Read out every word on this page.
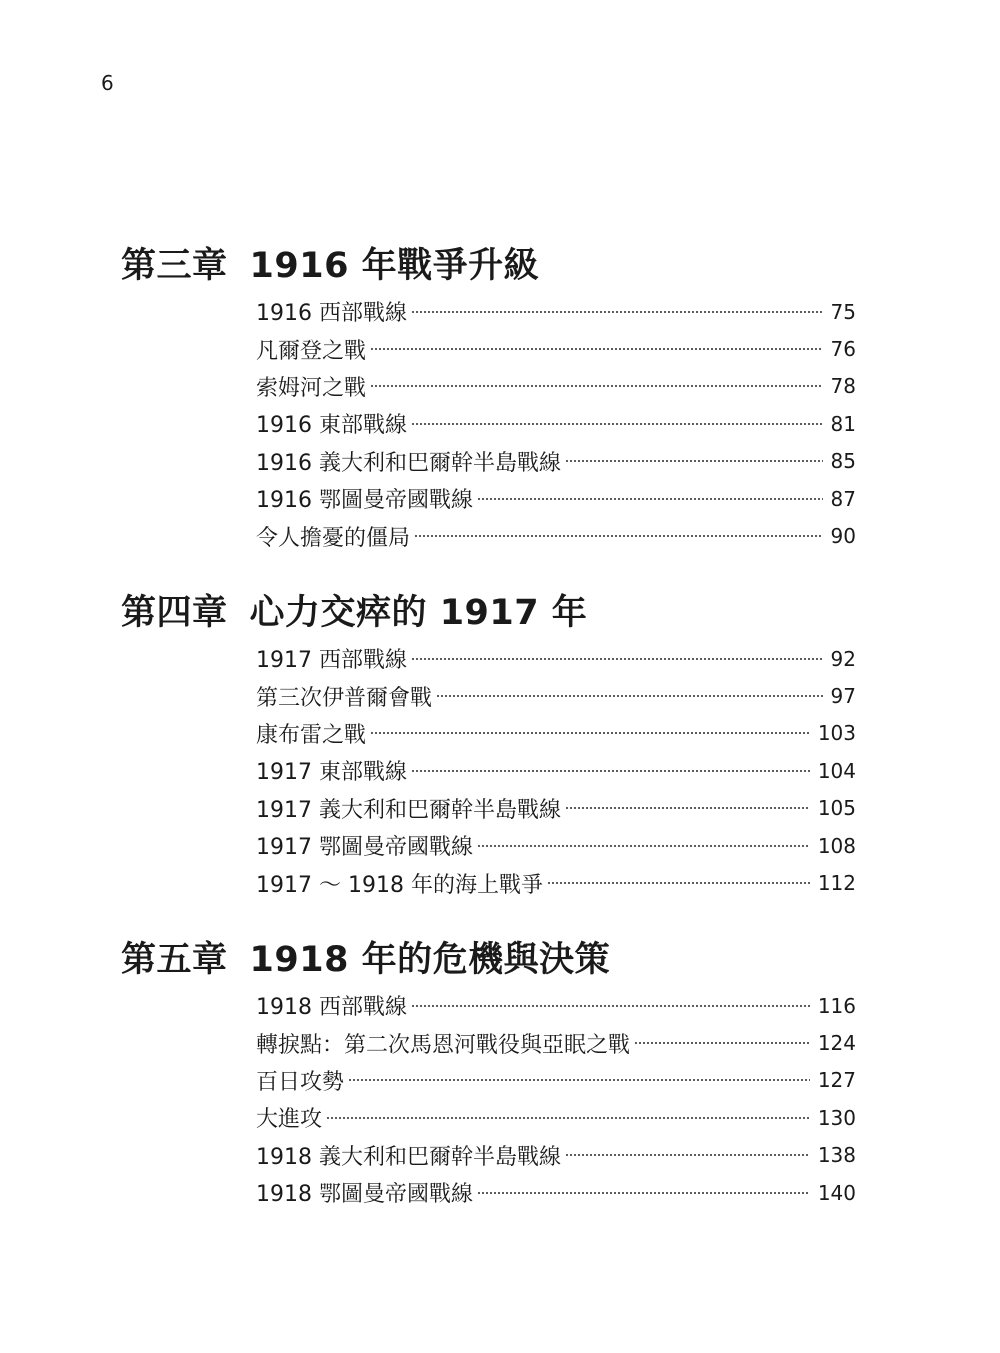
6
第三章 1916 年戰爭升級
1916 西部戰線	75
凡爾登之戰	76
索姆河之戰	78
1916 東部戰線	81
1916 義大利和巴爾幹半島戰線	85
1916 鄂圖曼帝國戰線	87
令人擔憂的僵局	90
第四章 心力交瘁的 1917 年
1917 西部戰線	92
第三次伊普爾會戰	97
康布雷之戰	103
1917 東部戰線	104
1917 義大利和巴爾幹半島戰線	105
1917 鄂圖曼帝國戰線	108
1917 ～ 1918 年的海上戰爭	112
第五章 1918 年的危機與決策
1918 西部戰線	116
轉捩點：第二次馬恩河戰役與亞眠之戰	124
百日攻勢	127
大進攻	130
1918 義大利和巴爾幹半島戰線	138
1918 鄂圖曼帝國戰線	140
